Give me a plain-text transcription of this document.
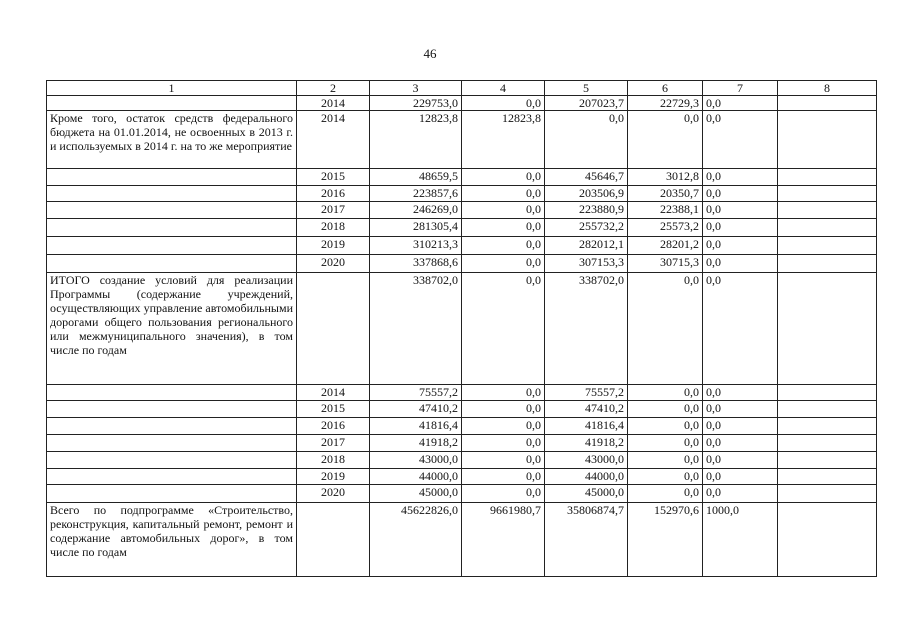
46
1	2	3	4	5	6	7	8
	2014	229753,0	0,0	207023,7	22729,3	0,0	
Кроме того, остаток средств федерального бюджета на 01.01.2014, не освоенных в 2013 г. и используемых в 2014 г. на то же мероприятие	2014	12823,8	12823,8	0,0	0,0	0,0	
	2015	48659,5	0,0	45646,7	3012,8	0,0	
	2016	223857,6	0,0	203506,9	20350,7	0,0	
	2017	246269,0	0,0	223880,9	22388,1	0,0	
	2018	281305,4	0,0	255732,2	25573,2	0,0	
	2019	310213,3	0,0	282012,1	28201,2	0,0	
	2020	337868,6	0,0	307153,3	30715,3	0,0	
ИТОГО создание условий для реализации Программы (содержание учреждений, осуществляющих управление автомобильными дорогами общего пользования регионального или межмуниципального значения), в том числе по годам		338702,0	0,0	338702,0	0,0	0,0	
	2014	75557,2	0,0	75557,2	0,0	0,0	
	2015	47410,2	0,0	47410,2	0,0	0,0	
	2016	41816,4	0,0	41816,4	0,0	0,0	
	2017	41918,2	0,0	41918,2	0,0	0,0	
	2018	43000,0	0,0	43000,0	0,0	0,0	
	2019	44000,0	0,0	44000,0	0,0	0,0	
	2020	45000,0	0,0	45000,0	0,0	0,0	
Всего по подпрограмме «Строительство, реконструкция, капитальный ремонт, ремонт и содержание автомобильных дорог», в том числе по годам		45622826,0	9661980,7	35806874,7	152970,6	1000,0	
